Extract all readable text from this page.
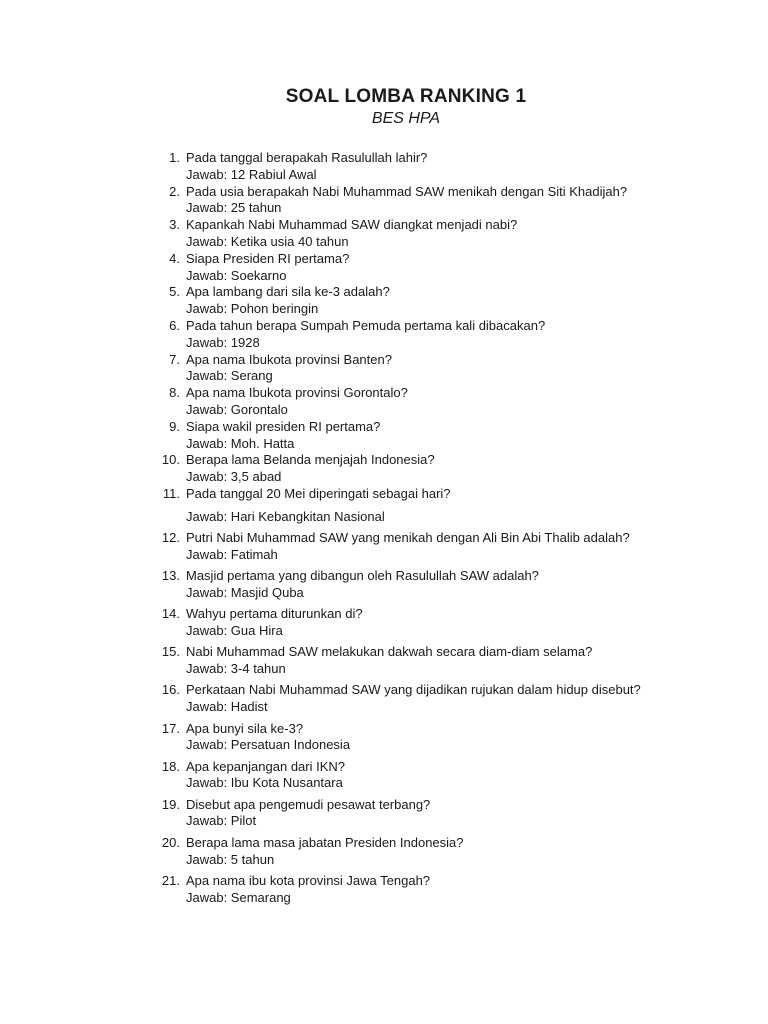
SOAL LOMBA RANKING 1
BES HPA
1. Pada tanggal berapakah Rasulullah lahir?
Jawab: 12 Rabiul Awal
2. Pada usia berapakah Nabi Muhammad SAW menikah dengan Siti Khadijah?
Jawab: 25 tahun
3. Kapankah Nabi Muhammad SAW diangkat menjadi nabi?
Jawab: Ketika usia 40 tahun
4. Siapa Presiden RI pertama?
Jawab: Soekarno
5. Apa lambang dari sila ke-3 adalah?
Jawab: Pohon beringin
6. Pada tahun berapa Sumpah Pemuda pertama kali dibacakan?
Jawab: 1928
7. Apa nama Ibukota provinsi Banten?
Jawab: Serang
8. Apa nama Ibukota provinsi Gorontalo?
Jawab: Gorontalo
9. Siapa wakil presiden RI pertama?
Jawab: Moh. Hatta
10. Berapa lama Belanda menjajah Indonesia?
Jawab: 3,5 abad
11. Pada tanggal 20 Mei diperingati sebagai hari?
Jawab: Hari Kebangkitan Nasional
12. Putri Nabi Muhammad SAW yang menikah dengan Ali Bin Abi Thalib adalah?
Jawab: Fatimah
13. Masjid pertama yang dibangun oleh Rasulullah SAW adalah?
Jawab: Masjid Quba
14. Wahyu pertama diturunkan di?
Jawab: Gua Hira
15. Nabi Muhammad SAW melakukan dakwah secara diam-diam selama?
Jawab: 3-4 tahun
16. Perkataan Nabi Muhammad SAW yang dijadikan rujukan dalam hidup disebut?
Jawab: Hadist
17. Apa bunyi sila ke-3?
Jawab: Persatuan Indonesia
18. Apa kepanjangan dari IKN?
Jawab: Ibu Kota Nusantara
19. Disebut apa pengemudi pesawat terbang?
Jawab: Pilot
20. Berapa lama masa jabatan Presiden Indonesia?
Jawab: 5 tahun
21. Apa nama ibu kota provinsi Jawa Tengah?
Jawab: Semarang
